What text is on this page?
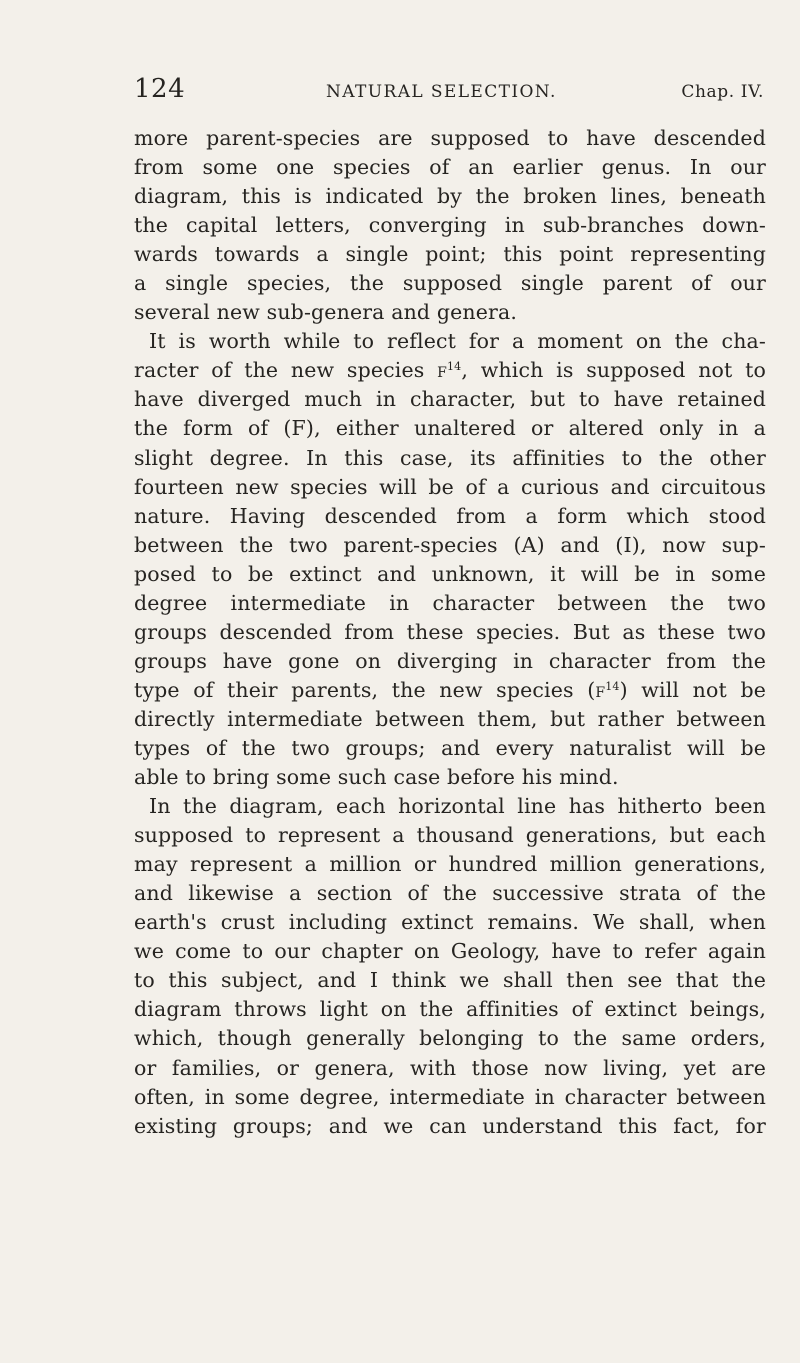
124	NATURAL SELECTION.	Chap. IV.
more parent-species are supposed to have descended
from some one species of an earlier genus. In our
diagram, this is indicated by the broken lines, beneath
the capital letters, converging in sub-branches down-
wards towards a single point; this point representing
a single species, the supposed single parent of our
several new sub-genera and genera.
It is worth while to reflect for a moment on the cha-
racter of the new species $f^{14}$, which is supposed not to
have diverged much in character, but to have retained
the form of (F), either unaltered or altered only in a
slight degree. In this case, its affinities to the other
fourteen new species will be of a curious and circuitous
nature. Having descended from a form which stood
between the two parent-species (A) and (I), now sup-
posed to be extinct and unknown, it will be in some
degree intermediate in character between the two
groups descended from these species. But as these two
groups have gone on diverging in character from the
type of their parents, the new species $(f^{14})$ will not be
directly intermediate between them, but rather between
types of the two groups; and every naturalist will be
able to bring some such case before his mind.
In the diagram, each horizontal line has hitherto been
supposed to represent a thousand generations, but each
may represent a million or hundred million generations,
and likewise a section of the successive strata of the
earth's crust including extinct remains. We shall, when
we come to our chapter on Geology, have to refer again
to this subject, and I think we shall then see that the
diagram throws light on the affinities of extinct beings,
which, though generally belonging to the same orders,
or families, or genera, with those now living, yet are
often, in some degree, intermediate in character between
existing groups; and we can understand this fact, for
